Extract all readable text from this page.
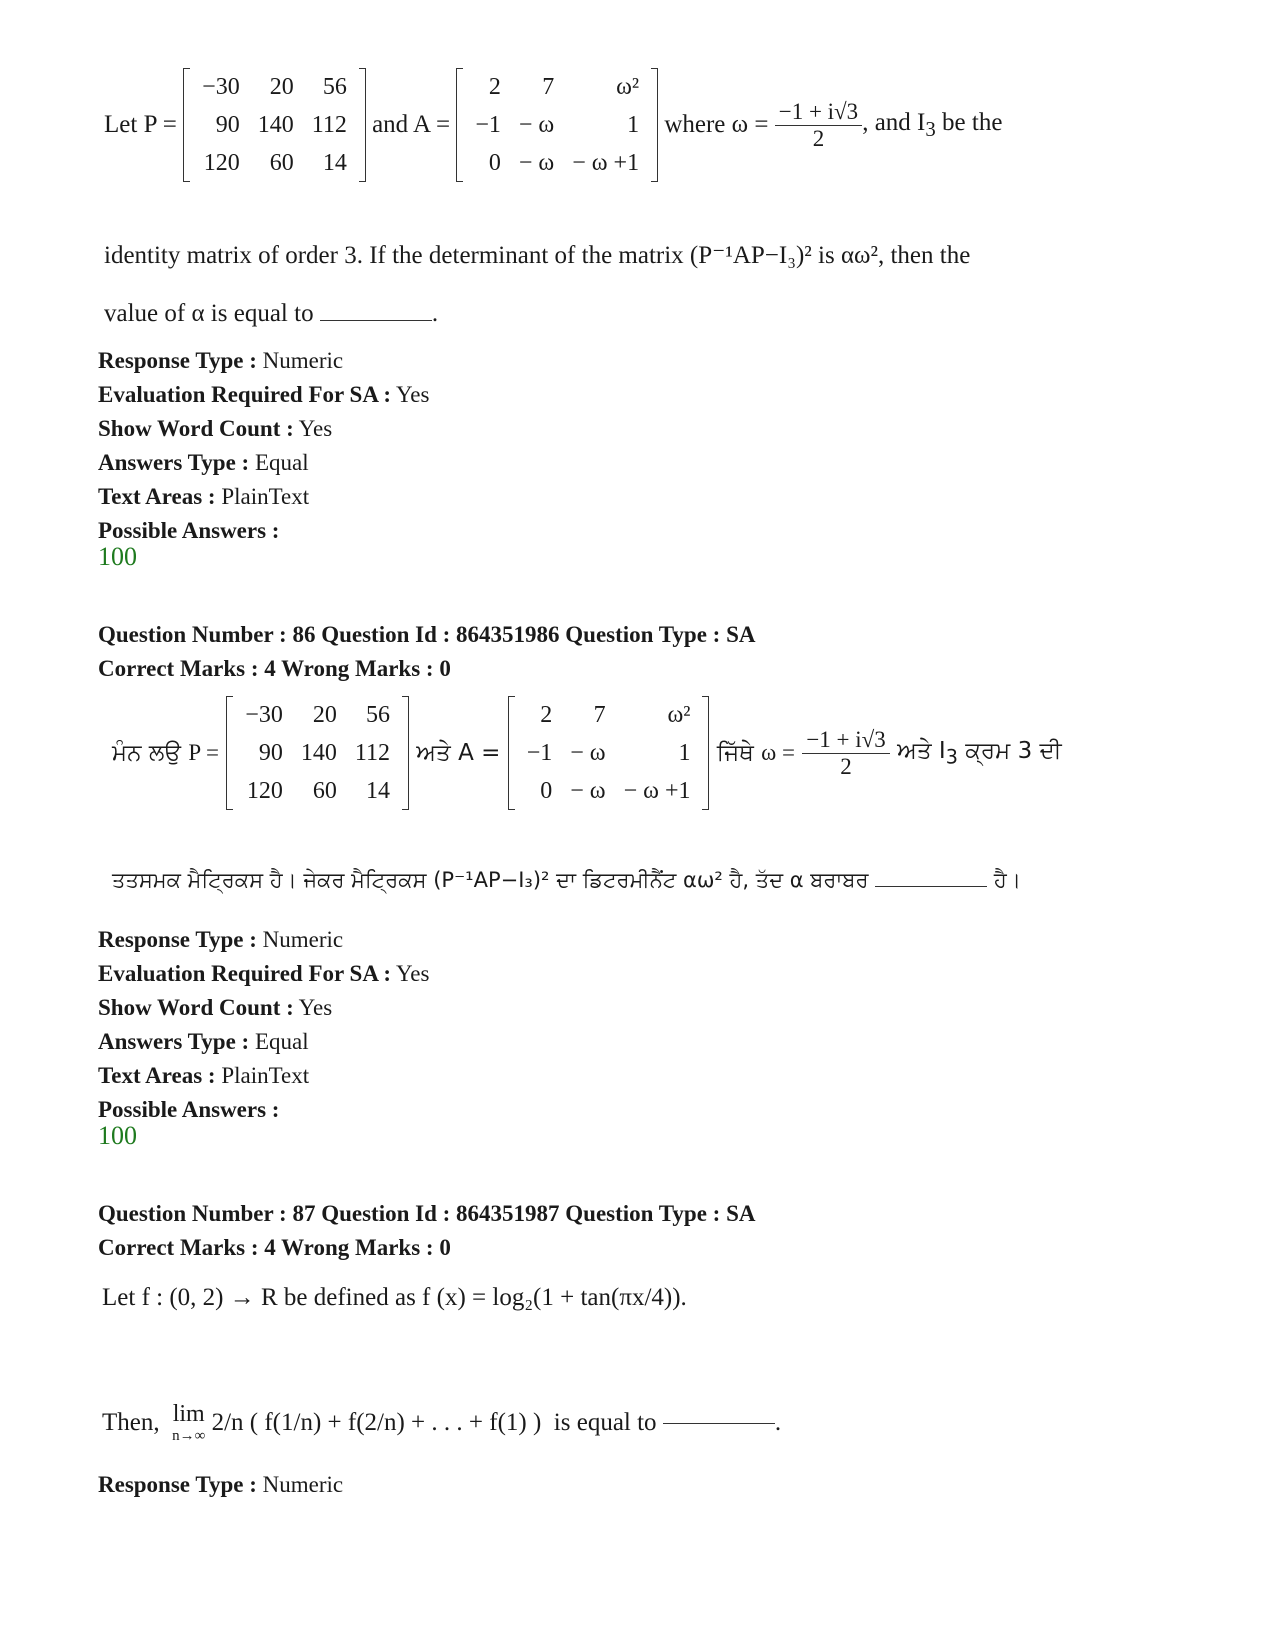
Let
P =

−30	20	56
90	140	112
120	60	14

and A =

2	7	ω²
−1	− ω	1
0	− ω	− ω +1

where
ω =
$\frac{-1 + i√3}{2}$ , and $I_3$ be the
identity matrix of order 3. If the determinant of the matrix (P⁻¹AP−I₃)² is αω², then the
value of α is equal to	.
Response Type : Numeric
Evaluation Required For SA : Yes
Show Word Count : Yes
Answers Type : Equal
Text Areas : PlainText
Possible Answers :
100
Question Number : 86 Question Id : 864351986 Question Type : SA
Correct Marks : 4 Wrong Marks : 0
ਮੰਨ ਲਉ
P =

−30	20	56
90	140	112
120	60	14

ਅਤੇ A =

2	7	ω²
−1	− ω	1
0	− ω	− ω +1

ਜਿੱਥੇ
ω =
$\frac{-1 + i√3}{2}$
ਅਤੇ $I_3$ ਕ੍ਰਮ 3 ਦੀ
ਤਤਸਮਕ ਮੈਟ੍ਰਿਕਸ ਹੈ। ਜੇਕਰ ਮੈਟ੍ਰਿਕਸ (P⁻¹AP−I₃)² ਦਾ ਡਿਟਰਮੀਨੈਂਟ αω² ਹੈ, ਤੱਦ α ਬਰਾਬਰ	ਹੈ।
Response Type : Numeric
Evaluation Required For SA : Yes
Show Word Count : Yes
Answers Type : Equal
Text Areas : PlainText
Possible Answers :
100
Question Number : 87 Question Id : 864351987 Question Type : SA
Correct Marks : 4 Wrong Marks : 0
Let f : (0, 2) → R be defined as f (x) = log₂(1 + tan(πx/4)).
Then,
lim
n→∞
2/n ( f(1/n) + f(2/n) + . . . + f(1) )
is equal to
	.
Response Type : Numeric
